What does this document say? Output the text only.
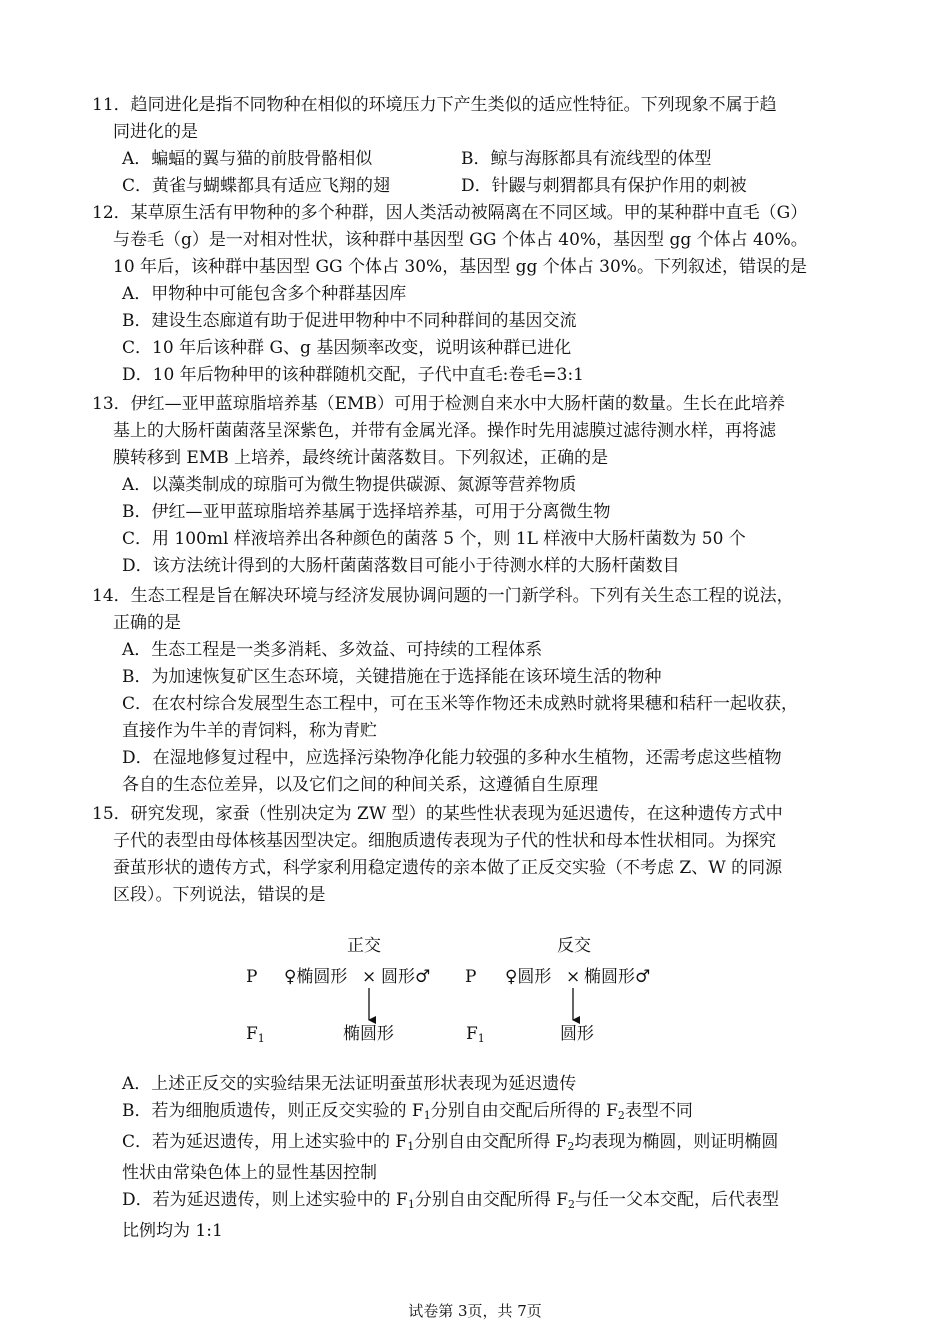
11．趋同进化是指不同物种在相似的环境压力下产生类似的适应性特征。下列现象不属于趋
同进化的是
A．蝙蝠的翼与猫的前肢骨骼相似	B．鲸与海豚都具有流线型的体型
C．黄雀与蝴蝶都具有适应飞翔的翅	D．针鼹与刺猬都具有保护作用的刺被
12．某草原生活有甲物种的多个种群，因人类活动被隔离在不同区域。甲的某种群中直毛（G）
与卷毛（g）是一对相对性状，该种群中基因型 GG 个体占 40%，基因型 gg 个体占 40%。
10 年后，该种群中基因型 GG 个体占 30%，基因型 gg 个体占 30%。下列叙述，错误的是
A．甲物种中可能包含多个种群基因库
B．建设生态廊道有助于促进甲物种中不同种群间的基因交流
C．10 年后该种群 G、g 基因频率改变，说明该种群已进化
D．10 年后物种甲的该种群随机交配，子代中直毛:卷毛=3:1
13．伊红—亚甲蓝琼脂培养基（EMB）可用于检测自来水中大肠杆菌的数量。生长在此培养
基上的大肠杆菌菌落呈深紫色，并带有金属光泽。操作时先用滤膜过滤待测水样，再将滤
膜转移到 EMB 上培养，最终统计菌落数目。下列叙述，正确的是
A．以藻类制成的琼脂可为微生物提供碳源、氮源等营养物质
B．伊红—亚甲蓝琼脂培养基属于选择培养基，可用于分离微生物
C．用 100ml 样液培养出各种颜色的菌落 5 个，则 1L 样液中大肠杆菌数为 50 个
D．该方法统计得到的大肠杆菌菌落数目可能小于待测水样的大肠杆菌数目
14．生态工程是旨在解决环境与经济发展协调问题的一门新学科。下列有关生态工程的说法，
正确的是
A．生态工程是一类多消耗、多效益、可持续的工程体系
B．为加速恢复矿区生态环境，关键措施在于选择能在该环境生活的物种
C．在农村综合发展型生态工程中，可在玉米等作物还未成熟时就将果穗和秸秆一起收获，
直接作为牛羊的青饲料，称为青贮
D．在湿地修复过程中，应选择污染物净化能力较强的多种水生植物，还需考虑这些植物
各自的生态位差异，以及它们之间的种间关系，这遵循自生原理
15．研究发现，家蚕（性别决定为 ZW 型）的某些性状表现为延迟遗传，在这种遗传方式中
子代的表型由母体核基因型决定。细胞质遗传表现为子代的性状和母本性状相同。为探究
蚕茧形状的遗传方式，科学家利用稳定遗传的亲本做了正反交实验（不考虑 Z、W 的同源
区段）。下列说法，错误的是
正交	反交
P ♀椭圆形 × 圆形♂ P ♀圆形 × 椭圆形♂
$F_1$	椭圆形	$F_1$	圆形
A．上述正反交的实验结果无法证明蚕茧形状表现为延迟遗传
B．若为细胞质遗传，则正反交实验的 $F_1$分别自由交配后所得的 $F_2$表型不同
C．若为延迟遗传，用上述实验中的 $F_1$分别自由交配所得 $F_2$均表现为椭圆，则证明椭圆
性状由常染色体上的显性基因控制
D．若为延迟遗传，则上述实验中的 $F_1$分别自由交配所得 $F_2$与任一父本交配，后代表型
比例均为 1:1
试卷第 3页，共 7页
